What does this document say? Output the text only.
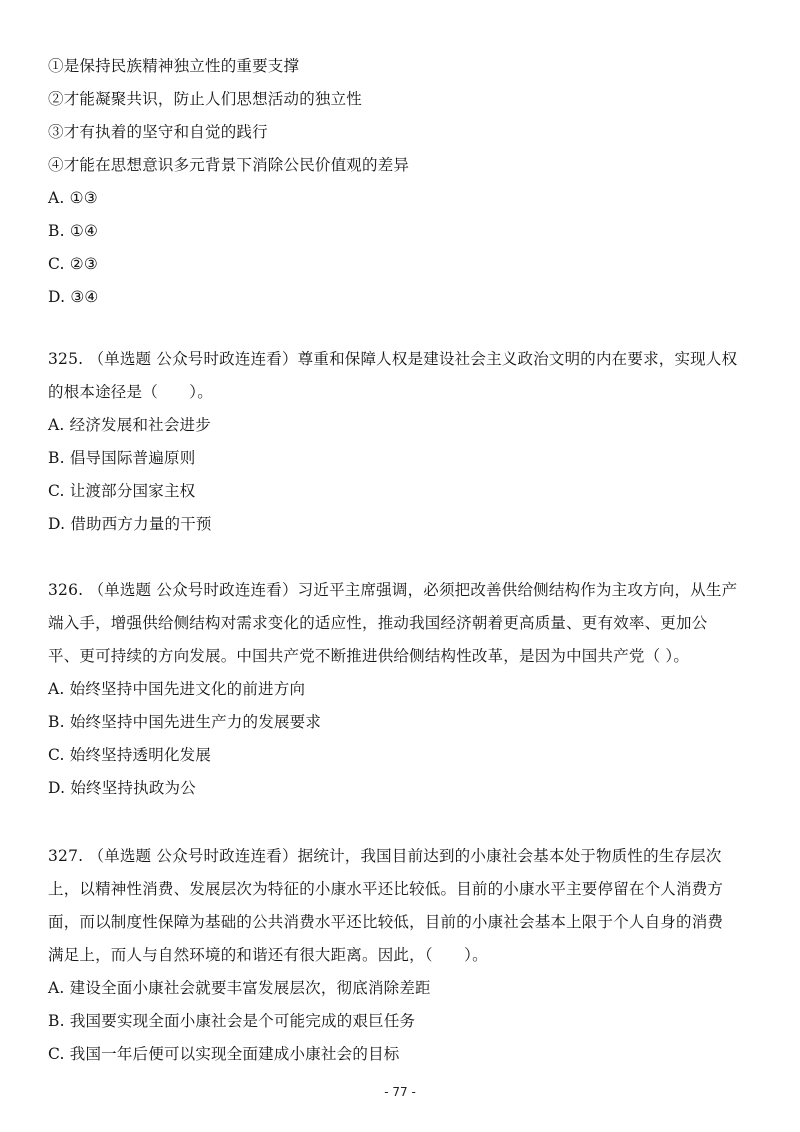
①是保持民族精神独立性的重要支撑
②才能凝聚共识，防止人们思想活动的独立性
③才有执着的坚守和自觉的践行
④才能在思想意识多元背景下消除公民价值观的差异
A. ①③
B. ①④
C. ②③
D. ③④
325. （单选题 公众号时政连连看）尊重和保障人权是建设社会主义政治文明的内在要求，实现人权
的根本途径是（　　）。
A. 经济发展和社会进步
B. 倡导国际普遍原则
C. 让渡部分国家主权
D. 借助西方力量的干预
326. （单选题 公众号时政连连看）习近平主席强调，必须把改善供给侧结构作为主攻方向，从生产
端入手，增强供给侧结构对需求变化的适应性，推动我国经济朝着更高质量、更有效率、更加公
平、更可持续的方向发展。中国共产党不断推进供给侧结构性改革，是因为中国共产党（ ）。
A. 始终坚持中国先进文化的前进方向
B. 始终坚持中国先进生产力的发展要求
C. 始终坚持透明化发展
D. 始终坚持执政为公
327. （单选题 公众号时政连连看）据统计，我国目前达到的小康社会基本处于物质性的生存层次
上，以精神性消费、发展层次为特征的小康水平还比较低。目前的小康水平主要停留在个人消费方
面，而以制度性保障为基础的公共消费水平还比较低，目前的小康社会基本上限于个人自身的消费
满足上，而人与自然环境的和谐还有很大距离。因此，（　　）。
A. 建设全面小康社会就要丰富发展层次，彻底消除差距
B. 我国要实现全面小康社会是个可能完成的艰巨任务
C. 我国一年后便可以实现全面建成小康社会的目标
- 77 -
